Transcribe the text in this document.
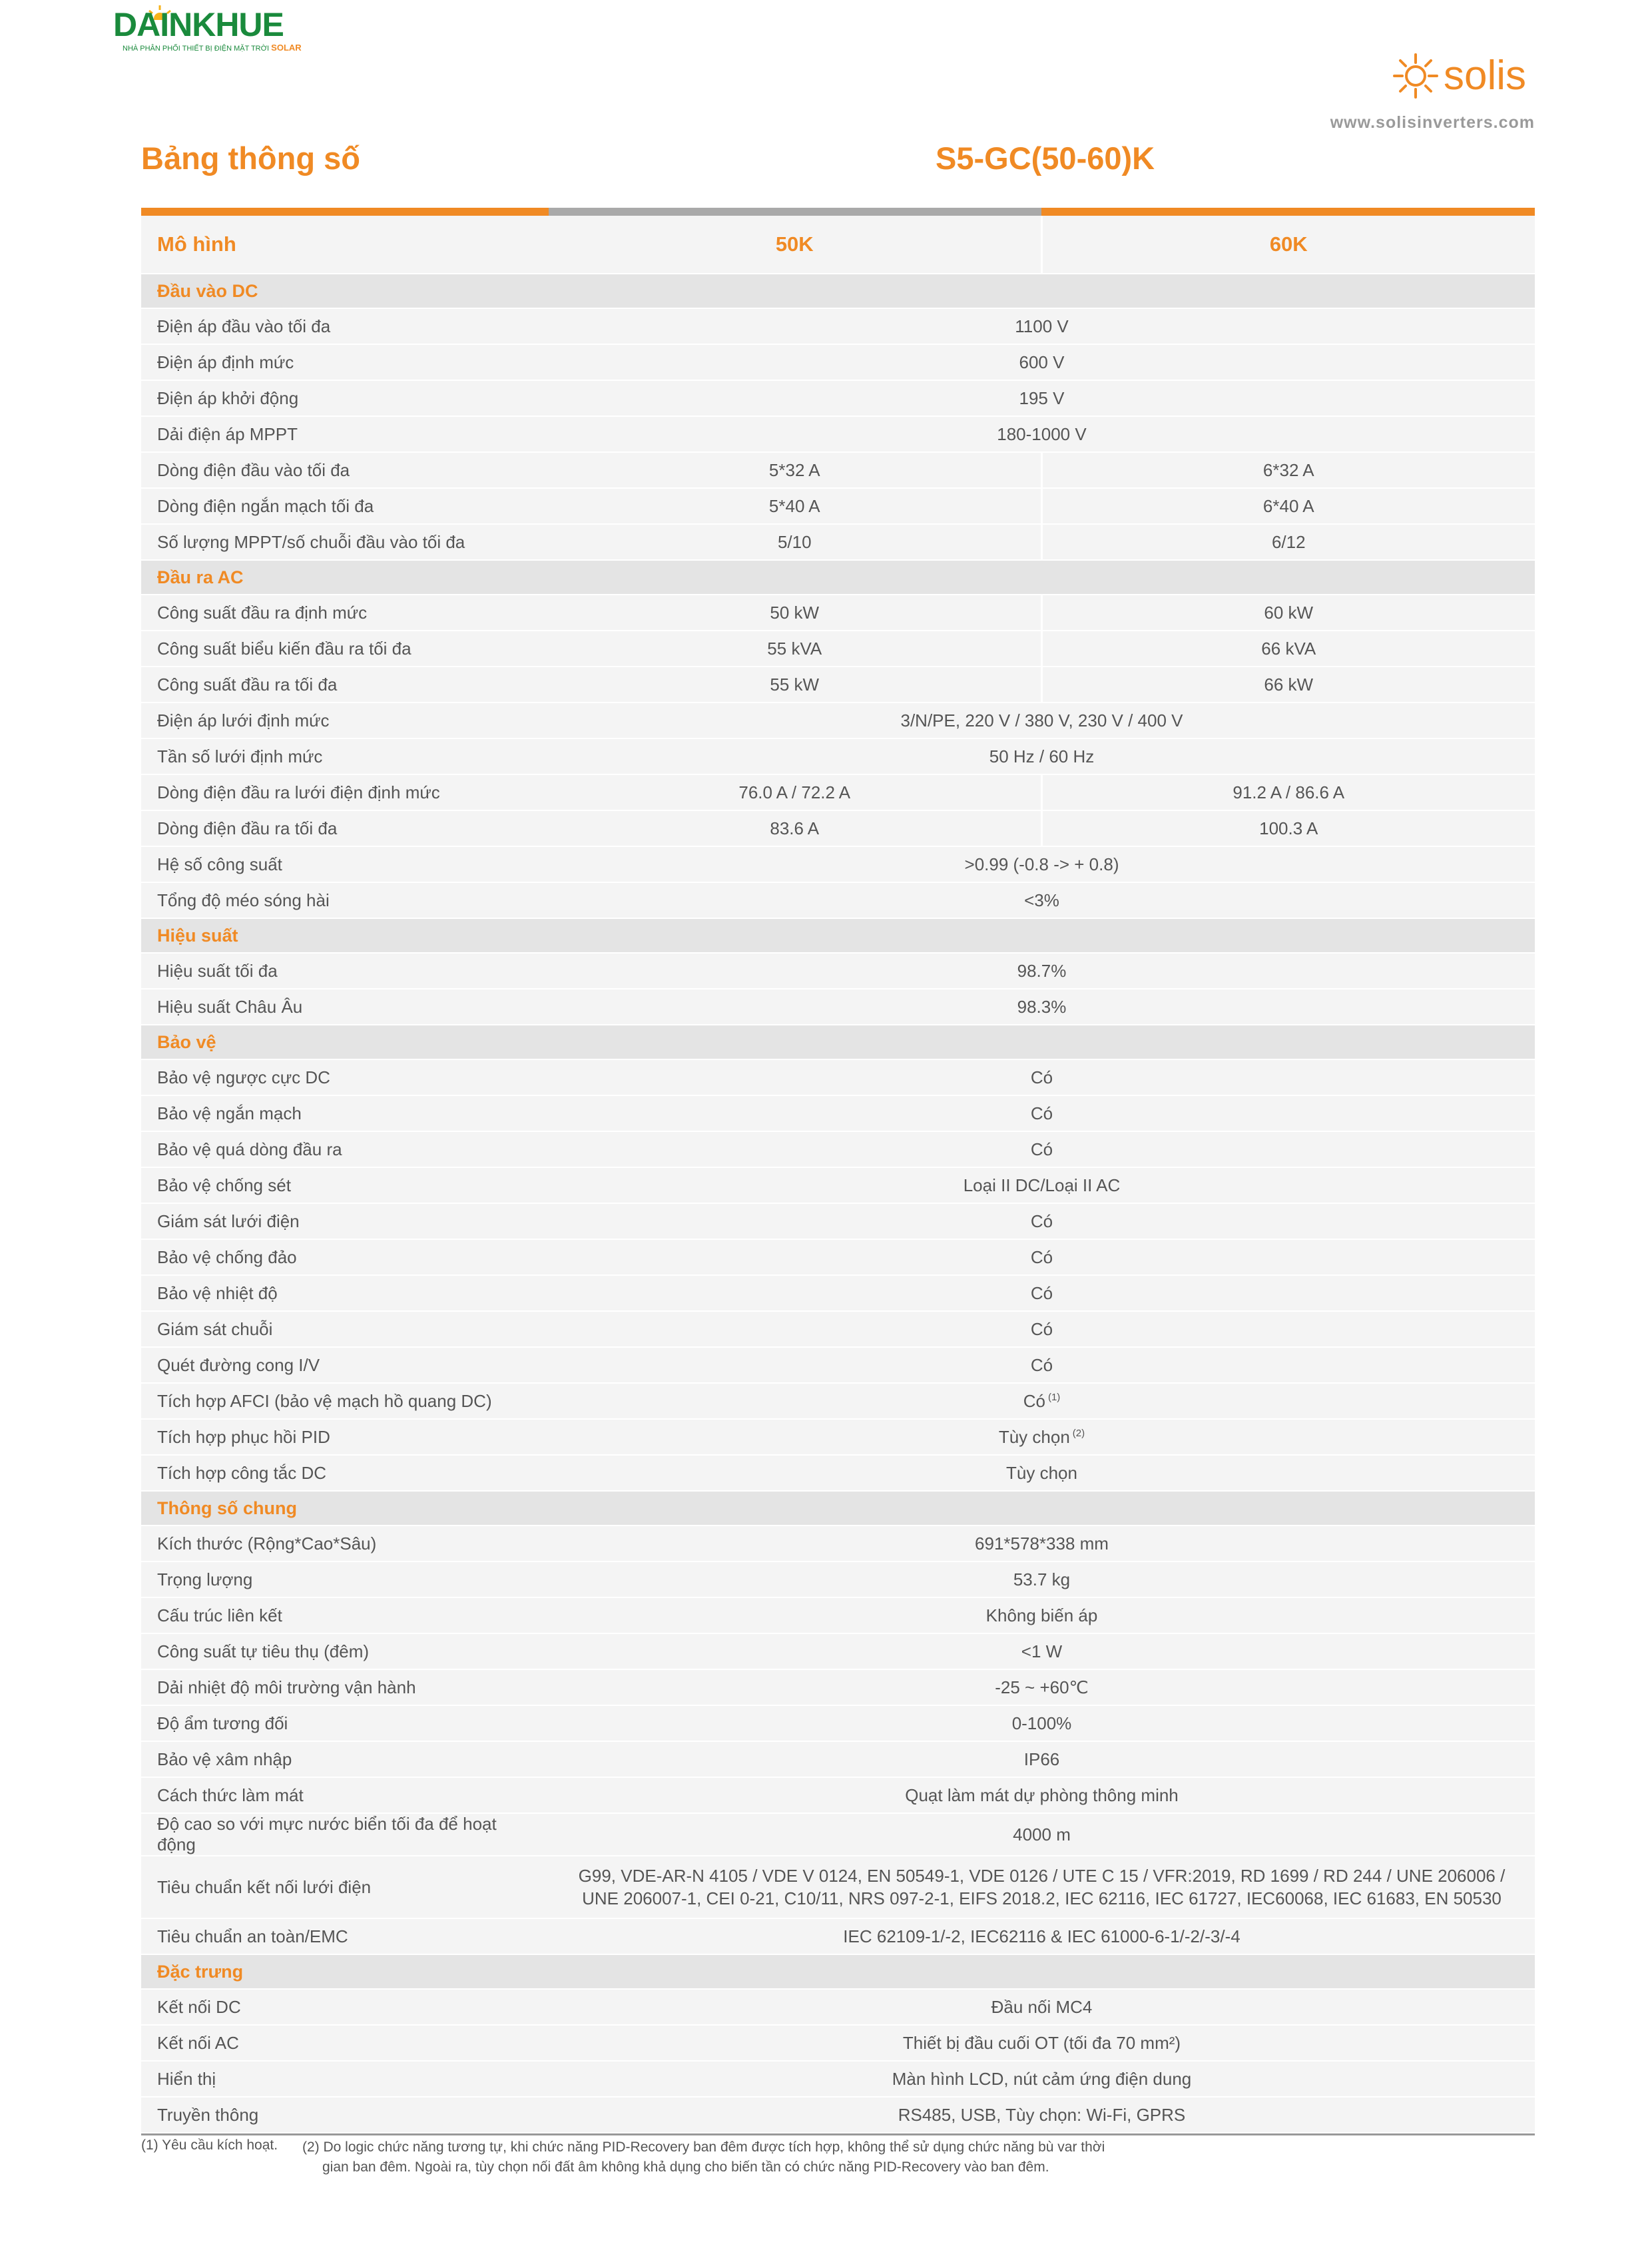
DAINKHUE
NHÀ PHÂN PHỐI THIẾT BỊ ĐIỆN MẶT TRỜI SOLAR
solis
www.solisinverters.com
Bảng thông số	S5-GC(50-60)K
Mô hình	50K	60K
Đầu vào DC		
Điện áp đầu vào tối đa	1100 V	
Điện áp định mức	600 V	
Điện áp khởi động	195 V	
Dải điện áp MPPT	180-1000 V	
Dòng điện đầu vào tối đa	5*32 A	6*32 A
Dòng điện ngắn mạch tối đa	5*40 A	6*40 A
Số lượng MPPT/số chuỗi đầu vào tối đa	5/10	6/12
Đầu ra AC		
Công suất đầu ra định mức	50 kW	60 kW
Công suất biểu kiến đầu ra tối đa	55 kVA	66 kVA
Công suất đầu ra tối đa	55 kW	66 kW
Điện áp lưới định mức	3/N/PE, 220 V / 380 V, 230 V / 400 V	
Tần số lưới định mức	50 Hz / 60 Hz	
Dòng điện đầu ra lưới điện định mức	76.0 A / 72.2 A	91.2 A / 86.6 A
Dòng điện đầu ra tối đa	83.6 A	100.3 A
Hệ số công suất	>0.99 (-0.8 -> + 0.8)	
Tổng độ méo sóng hài	<3%	
Hiệu suất		
Hiệu suất tối đa	98.7%	
Hiệu suất Châu Âu	98.3%	
Bảo vệ		
Bảo vệ ngược cực DC	Có	
Bảo vệ ngắn mạch	Có	
Bảo vệ quá dòng đầu ra	Có	
Bảo vệ chống sét	Loại II DC/Loại II AC	
Giám sát lưới điện	Có	
Bảo vệ chống đảo	Có	
Bảo vệ nhiệt độ	Có	
Giám sát chuỗi	Có	
Quét đường cong I/V	Có	
Tích hợp AFCI (bảo vệ mạch hồ quang DC)	Có $^{(1)}$
Tích hợp phục hồi PID	Tùy chọn $^{(2)}$
Tích hợp công tắc DC	Tùy chọn	
Thông số chung		
Kích thước (Rộng*Cao*Sâu)	691*578*338 mm	
Trọng lượng	53.7 kg	
Cấu trúc liên kết	Không biến áp	
Công suất tự tiêu thụ (đêm)	<1 W	
Dải nhiệt độ môi trường vận hành	-25 ~ +60℃	
Độ ẩm tương đối	0-100%	
Bảo vệ xâm nhập	IP66	
Cách thức làm mát	Quạt làm mát dự phòng thông minh	
Độ cao so với mực nước biển tối đa để hoạt động	4000 m	
Tiêu chuẩn kết nối lưới điện	G99, VDE-AR-N 4105 / VDE V 0124, EN 50549-1, VDE 0126 / UTE C 15 / VFR:2019, RD 1699 / RD 244 / UNE 206006 / UNE 206007-1, CEI 0-21, C10/11, NRS 097-2-1, EIFS 2018.2, IEC 62116, IEC 61727, IEC60068, IEC 61683, EN 50530	
Tiêu chuẩn an toàn/EMC	IEC 62109-1/-2, IEC62116 & IEC 61000-6-1/-2/-3/-4	
Đặc trưng		
Kết nối DC	Đầu nối MC4	
Kết nối AC	Thiết bị đầu cuối OT (tối đa 70 mm²)	
Hiển thị	Màn hình LCD, nút cảm ứng điện dung	
Truyền thông	RS485, USB, Tùy chọn: Wi-Fi, GPRS	
(1) Yêu cầu kích hoạt. (2) Do logic chức năng tương tự, khi chức năng PID-Recovery ban đêm được tích hợp, không thể sử dụng chức năng bù var thời
gian ban đêm. Ngoài ra, tùy chọn nối đất âm không khả dụng cho biến tần có chức năng PID-Recovery vào ban đêm.
